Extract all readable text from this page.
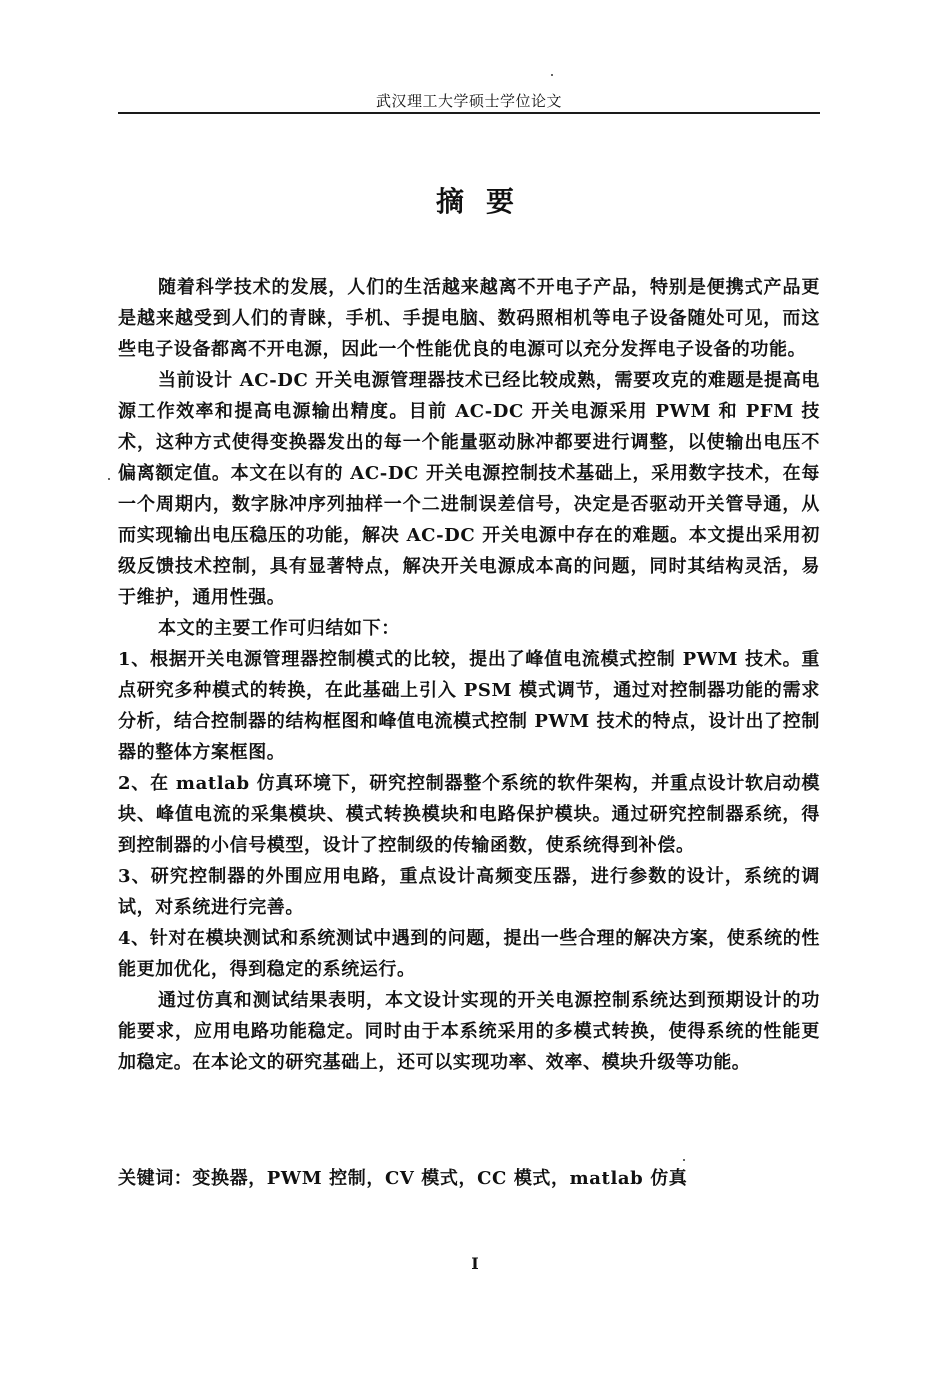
武汉理工大学硕士学位论文
摘要

随着科学技术的发展，人们的生活越来越离不开电子产品，特别是便携式产品更是越来越受到人们的青睐，手机、手提电脑、数码照相机等电子设备随处可见，而这些电子设备都离不开电源，因此一个性能优良的电源可以充分发挥电子设备的功能。

当前设计 AC-DC 开关电源管理器技术已经比较成熟，需要攻克的难题是提高电源工作效率和提高电源输出精度。目前 AC-DC 开关电源采用 PWM 和 PFM 技术，这种方式使得变换器发出的每一个能量驱动脉冲都要进行调整，以使输出电压不偏离额定值。本文在以有的 AC-DC 开关电源控制技术基础上，采用数字技术，在每一个周期内，数字脉冲序列抽样一个二进制误差信号，决定是否驱动开关管导通，从而实现输出电压稳压的功能，解决 AC-DC 开关电源中存在的难题。本文提出采用初级反馈技术控制，具有显著特点，解决开关电源成本高的问题，同时其结构灵活，易于维护，通用性强。

本文的主要工作可归结如下：

1、根据开关电源管理器控制模式的比较，提出了峰值电流模式控制 PWM 技术。重点研究多种模式的转换，在此基础上引入 PSM 模式调节，通过对控制器功能的需求分析，结合控制器的结构框图和峰值电流模式控制 PWM 技术的特点，设计出了控制器的整体方案框图。

2、在 matlab 仿真环境下，研究控制器整个系统的软件架构，并重点设计软启动模块、峰值电流的采集模块、模式转换模块和电路保护模块。通过研究控制器系统，得到控制器的小信号模型，设计了控制级的传输函数，使系统得到补偿。

3、研究控制器的外围应用电路，重点设计高频变压器，进行参数的设计，系统的调试，对系统进行完善。

4、针对在模块测试和系统测试中遇到的问题，提出一些合理的解决方案，使系统的性能更加优化，得到稳定的系统运行。

通过仿真和测试结果表明，本文设计实现的开关电源控制系统达到预期设计的功能要求，应用电路功能稳定。同时由于本系统采用的多模式转换，使得系统的性能更加稳定。在本论文的研究基础上，还可以实现功率、效率、模块升级等功能。

关键词：变换器，PWM 控制，CV 模式，CC 模式，matlab 仿真
I
